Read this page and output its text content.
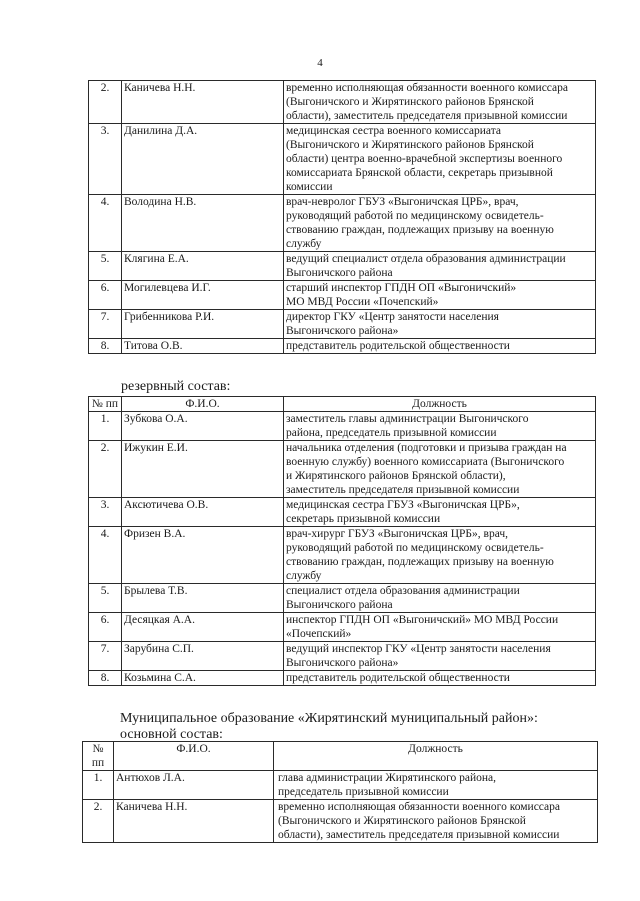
4
2.	Каничева Н.Н.	временно исполняющая обязанности военного комиссара
(Выгоничского и Жирятинского районов Брянской
области), заместитель председателя призывной комиссии

3.	Данилина Д.А.	медицинская сестра военного комиссариата
(Выгоничского и Жирятинского районов Брянской
области) центра военно-врачебной экспертизы военного
комиссариата Брянской области, секретарь призывной
комиссии

4.	Володина Н.В.	врач-невролог ГБУЗ «Выгоничская ЦРБ», врач,
руководящий работой по медицинскому освидетель-
ствованию граждан, подлежащих призыву на военную
службу

5.	Клягина Е.А.	ведущий специалист отдела образования администрации
Выгоничского района

6.	Могилевцева И.Г.	старший инспектор ГПДН ОП «Выгоничский»
МО МВД России «Почепский»

7.	Грибенникова Р.И.	директор ГКУ «Центр занятости населения
Выгоничского района»

8.	Титова О.В.	представитель родительской общественности
резервный состав:
№ пп	Ф.И.О.	Должность
1.	Зубкова О.А.	заместитель главы администрации Выгоничского
района, председатель призывной комиссии

2.	Ижукин Е.И.	начальника отделения (подготовки и призыва граждан на
военную службу) военного комиссариата (Выгоничского
и Жирятинского районов Брянской области),
заместитель председателя призывной комиссии

3.	Аксютичева О.В.	медицинская сестра ГБУЗ «Выгоничская ЦРБ»,
секретарь призывной комиссии

4.	Фризен В.А.	врач-хирург ГБУЗ «Выгоничская ЦРБ», врач,
руководящий работой по медицинскому освидетель-
ствованию граждан, подлежащих призыву на военную
службу

5.	Брылева Т.В.	специалист отдела образования администрации
Выгоничского района

6.	Десяцкая А.А.	инспектор ГПДН ОП «Выгоничский» МО МВД России
«Почепский»

7.	Зарубина С.П.	ведущий инспектор ГКУ «Центр занятости населения
Выгоничского района»

8.	Козьмина С.А.	представитель родительской общественности
Муниципальное образование «Жирятинский муниципальный район»:
основной состав:
№ пп	Ф.И.О.	Должность
1.	Антюхов Л.А.	глава администрации Жирятинского района,
председатель призывной комиссии

2.	Каничева Н.Н.	временно исполняющая обязанности военного комиссара
(Выгоничского и Жирятинского районов Брянской
области), заместитель председателя призывной комиссии
